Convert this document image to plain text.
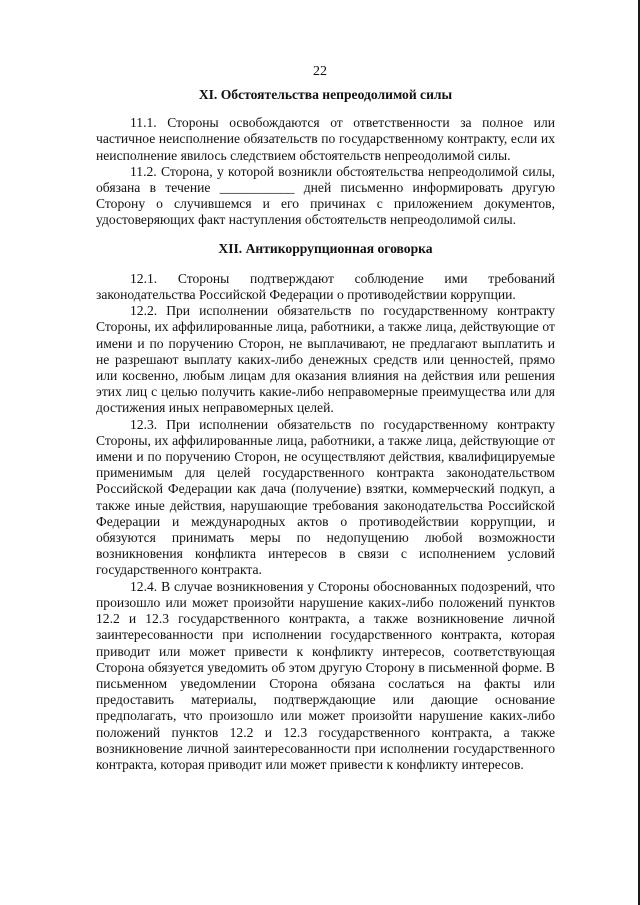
22
XI. Обстоятельства непреодолимой силы

11.1. Стороны освобождаются от ответственности за полное или частичное неисполнение обязательств по государственному контракту, если их неисполнение явилось следствием обстоятельств непреодолимой силы.

11.2. Сторона, у которой возникли обстоятельства непреодолимой силы, обязана в течение ___________ дней письменно информировать другую Сторону о случившемся и его причинах с приложением документов, удостоверяющих факт наступления обстоятельств непреодолимой силы.

XII. Антикоррупционная оговорка

12.1. Стороны подтверждают соблюдение ими требований законодательства Российской Федерации о противодействии коррупции.

12.2. При исполнении обязательств по государственному контракту Стороны, их аффилированные лица, работники, а также лица, действующие от имени и по поручению Сторон, не выплачивают, не предлагают выплатить и не разрешают выплату каких-либо денежных средств или ценностей, прямо или косвенно, любым лицам для оказания влияния на действия или решения этих лиц с целью получить какие-либо неправомерные преимущества или для достижения иных неправомерных целей.

12.3. При исполнении обязательств по государственному контракту Стороны, их аффилированные лица, работники, а также лица, действующие от имени и по поручению Сторон, не осуществляют действия, квалифицируемые применимым для целей государственного контракта законодательством Российской Федерации как дача (получение) взятки, коммерческий подкуп, а также иные действия, нарушающие требования законодательства Российской Федерации и международных актов о противодействии коррупции, и обязуются принимать меры по недопущению любой возможности возникновения конфликта интересов в связи с исполнением условий государственного контракта.

12.4. В случае возникновения у Стороны обоснованных подозрений, что произошло или может произойти нарушение каких-либо положений пунктов 12.2 и 12.3 государственного контракта, а также возникновение личной заинтересованности при исполнении государственного контракта, которая приводит или может привести к конфликту интересов, соответствующая Сторона обязуется уведомить об этом другую Сторону в письменной форме. В письменном уведомлении Сторона обязана сослаться на факты или предоставить материалы, подтверждающие или дающие основание предполагать, что произошло или может произойти нарушение каких-либо положений пунктов 12.2 и 12.3 государственного контракта, а также возникновение личной заинтересованности при исполнении государственного контракта, которая приводит или может привести к конфликту интересов.
